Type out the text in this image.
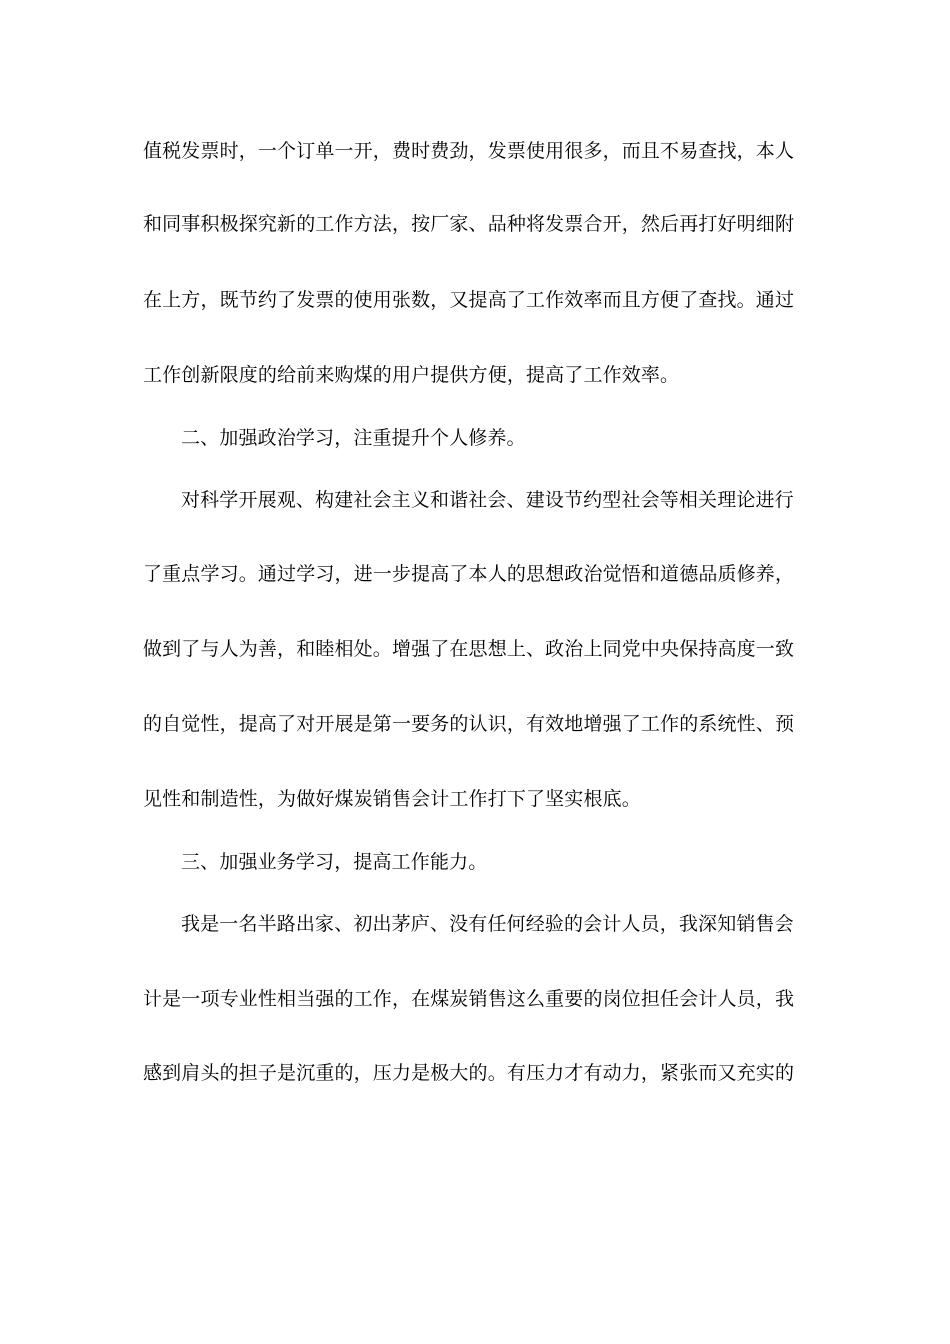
值税发票时，一个订单一开，费时费劲，发票使用很多，而且不易查找，本人
和同事积极探究新的工作方法，按厂家、品种将发票合开，然后再打好明细附
在上方，既节约了发票的使用张数，又提高了工作效率而且方便了查找。通过
工作创新限度的给前来购煤的用户提供方便，提高了工作效率。
二、加强政治学习，注重提升个人修养。
对科学开展观、构建社会主义和谐社会、建设节约型社会等相关理论进行
了重点学习。通过学习，进一步提高了本人的思想政治觉悟和道德品质修养，
做到了与人为善，和睦相处。增强了在思想上、政治上同党中央保持高度一致
的自觉性，提高了对开展是第一要务的认识，有效地增强了工作的系统性、预
见性和制造性，为做好煤炭销售会计工作打下了坚实根底。
三、加强业务学习，提高工作能力。
我是一名半路出家、初出茅庐、没有任何经验的会计人员，我深知销售会
计是一项专业性相当强的工作，在煤炭销售这么重要的岗位担任会计人员，我
感到肩头的担子是沉重的，压力是极大的。有压力才有动力，紧张而又充实的
